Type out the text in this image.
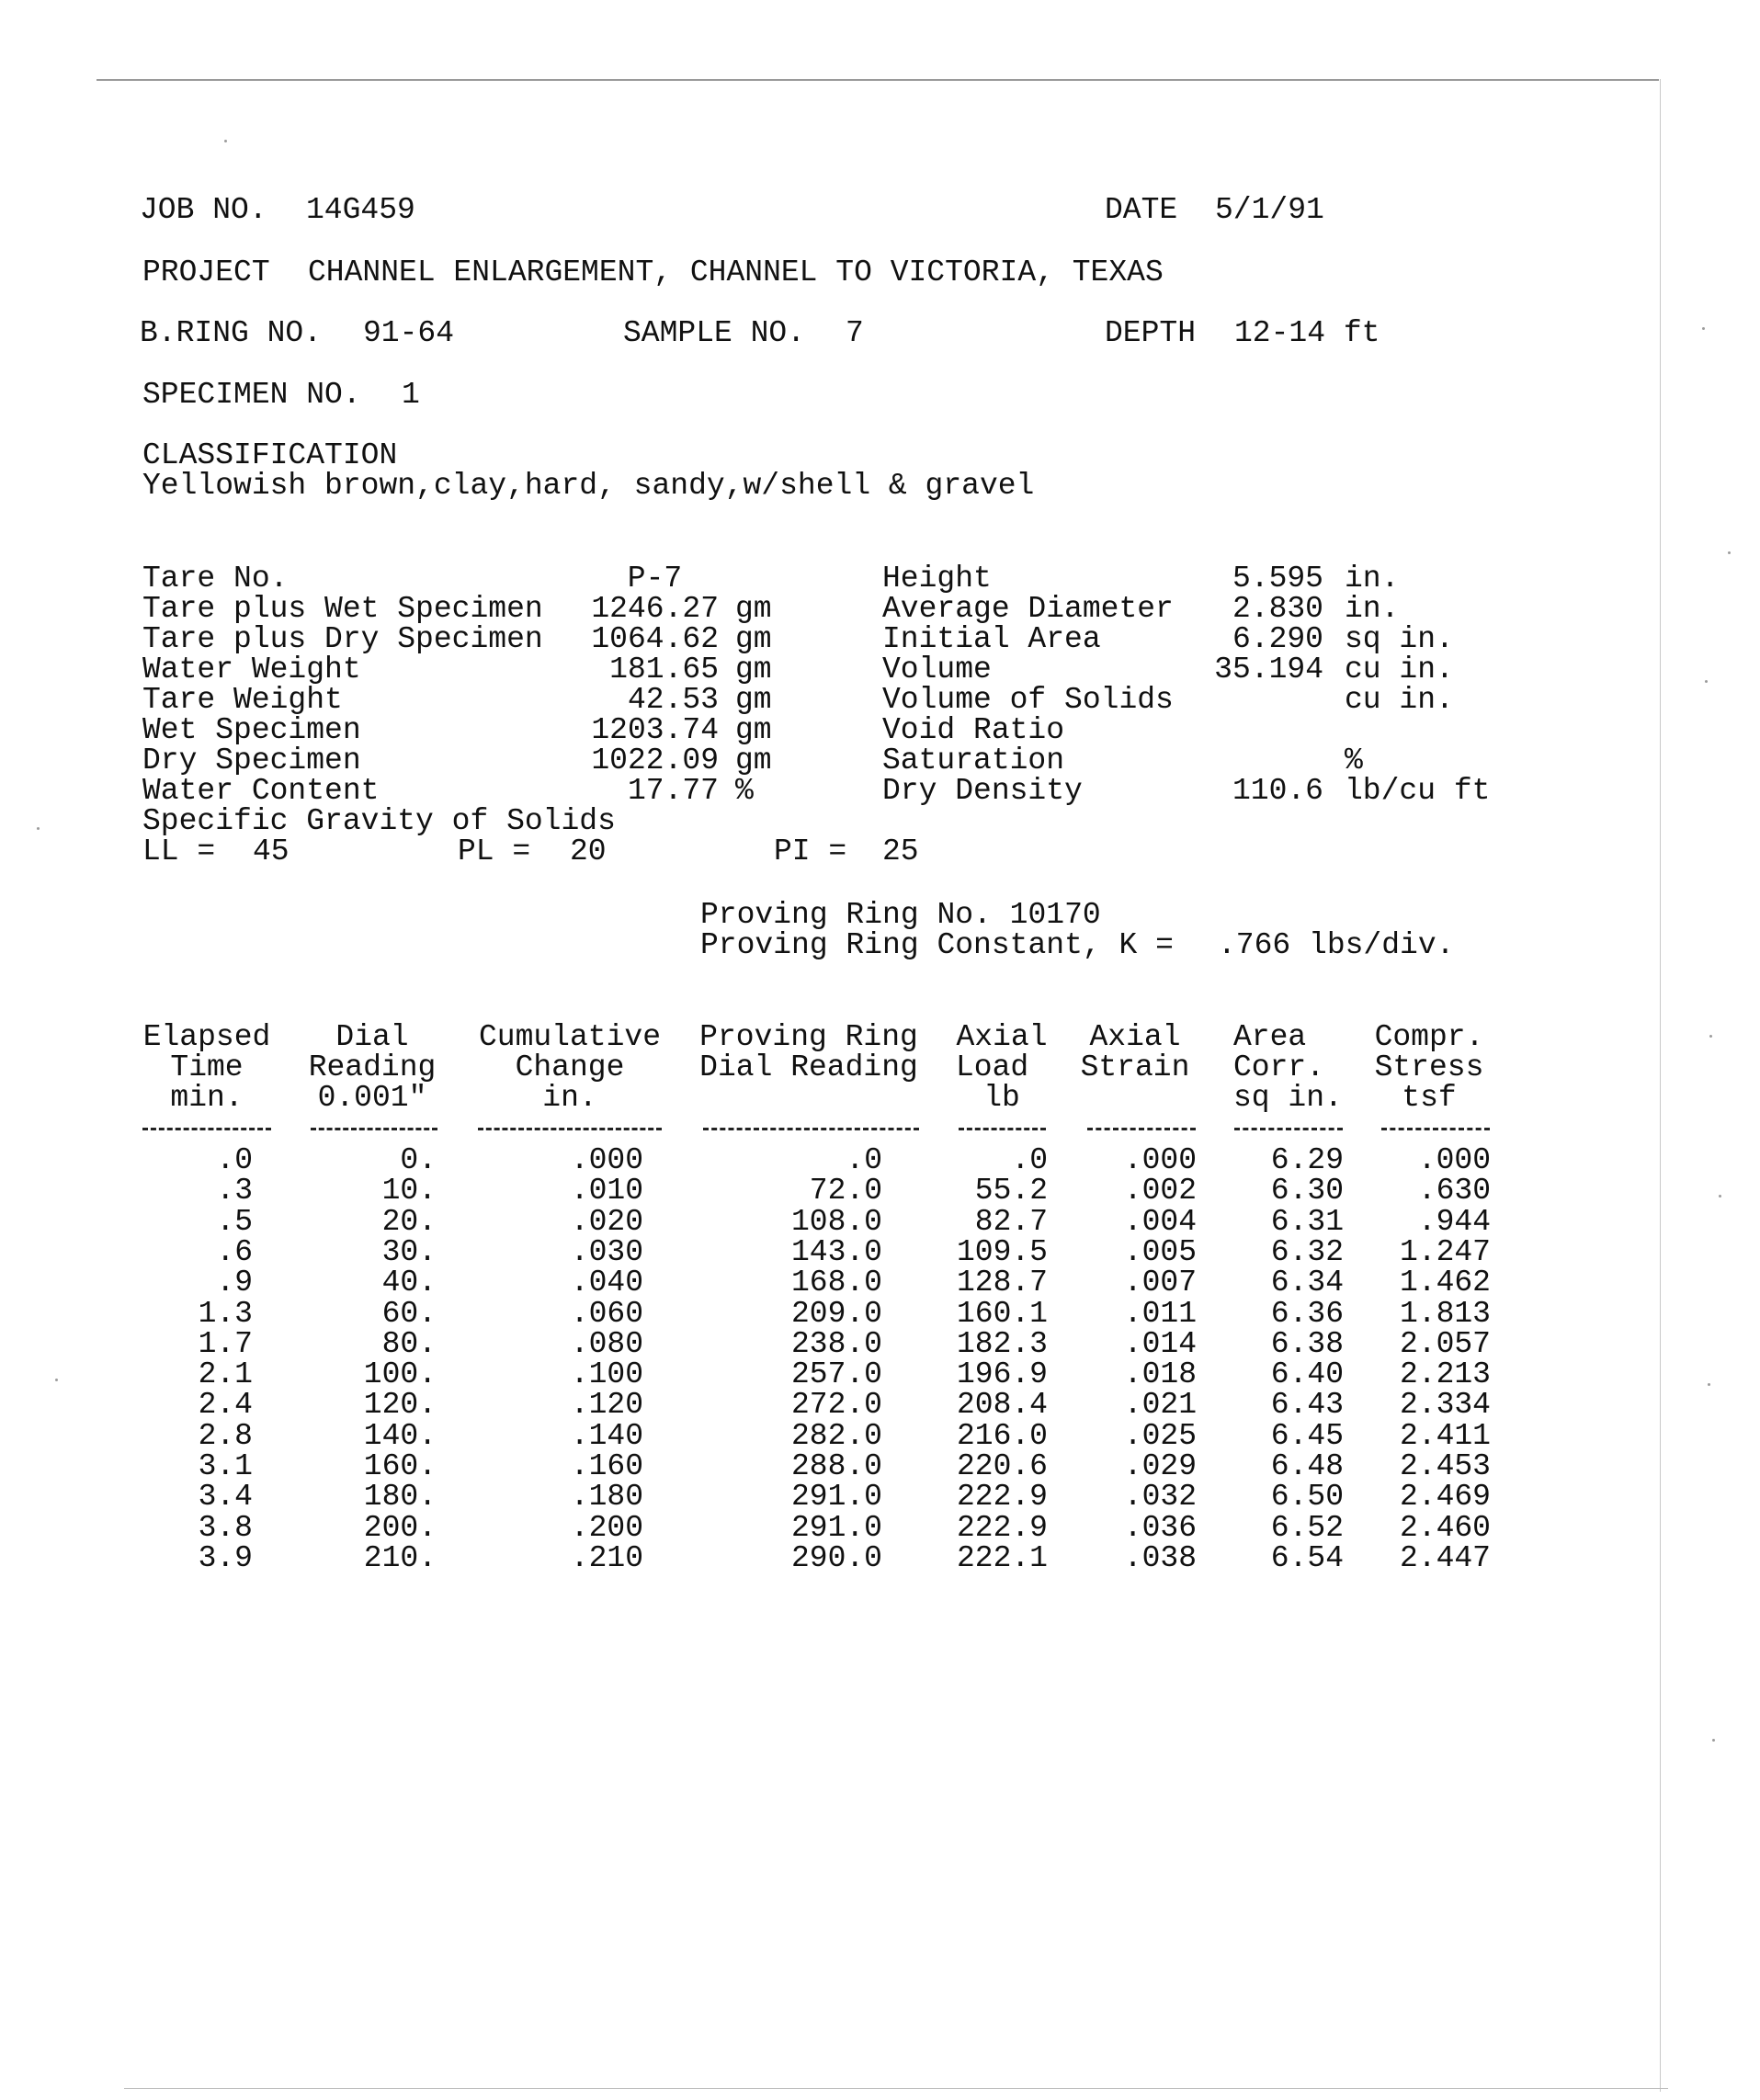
JOB NO. 14G459	DATE 5/1/91
PROJECT CHANNEL ENLARGEMENT, CHANNEL TO VICTORIA, TEXAS
B.RING NO. 91-64	SAMPLE NO. 7	DEPTH 12-14 ft
SPECIMEN NO. 1
CLASSIFICATION
Yellowish brown,clay,hard, sandy,w/shell & gravel
Tare No.	P-7
Tare plus Wet Specimen	1246.27 gm
Tare plus Dry Specimen	1064.62 gm
Water Weight	181.65 gm
Tare Weight	42.53 gm
Wet Specimen	1203.74 gm
Dry Specimen	1022.09 gm
Water Content	17.77 %
Specific Gravity of Solids
Height	5.595 in.
Average Diameter	2.830 in.
Initial Area	6.290 sq in.
Volume	35.194 cu in.
Volume of Solids	cu in.
Void Ratio
Saturation	%
Dry Density	110.6 lb/cu ft
LL = 45	PL = 20	PI = 25
Proving Ring No. 10170
Proving Ring Constant, K = .766 lbs/div.
Elapsed
Time
min.
Dial
Reading
0.001"
Cumulative
Change
in.
Proving Ring
Dial Reading
Axial
Load
lb
Axial
Strain
Area
Corr.
sq in.
Compr.
Stress
tsf
.0	0.	.000	.0	.0	.000	6.29	.000
.3	10.	.010	72.0	55.2	.002	6.30	.630
.5	20.	.020	108.0	82.7	.004	6.31	.944
.6	30.	.030	143.0	109.5	.005	6.32	1.247
.9	40.	.040	168.0	128.7	.007	6.34	1.462
1.3	60.	.060	209.0	160.1	.011	6.36	1.813
1.7	80.	.080	238.0	182.3	.014	6.38	2.057
2.1	100.	.100	257.0	196.9	.018	6.40	2.213
2.4	120.	.120	272.0	208.4	.021	6.43	2.334
2.8	140.	.140	282.0	216.0	.025	6.45	2.411
3.1	160.	.160	288.0	220.6	.029	6.48	2.453
3.4	180.	.180	291.0	222.9	.032	6.50	2.469
3.8	200.	.200	291.0	222.9	.036	6.52	2.460
3.9	210.	.210	290.0	222.1	.038	6.54	2.447
